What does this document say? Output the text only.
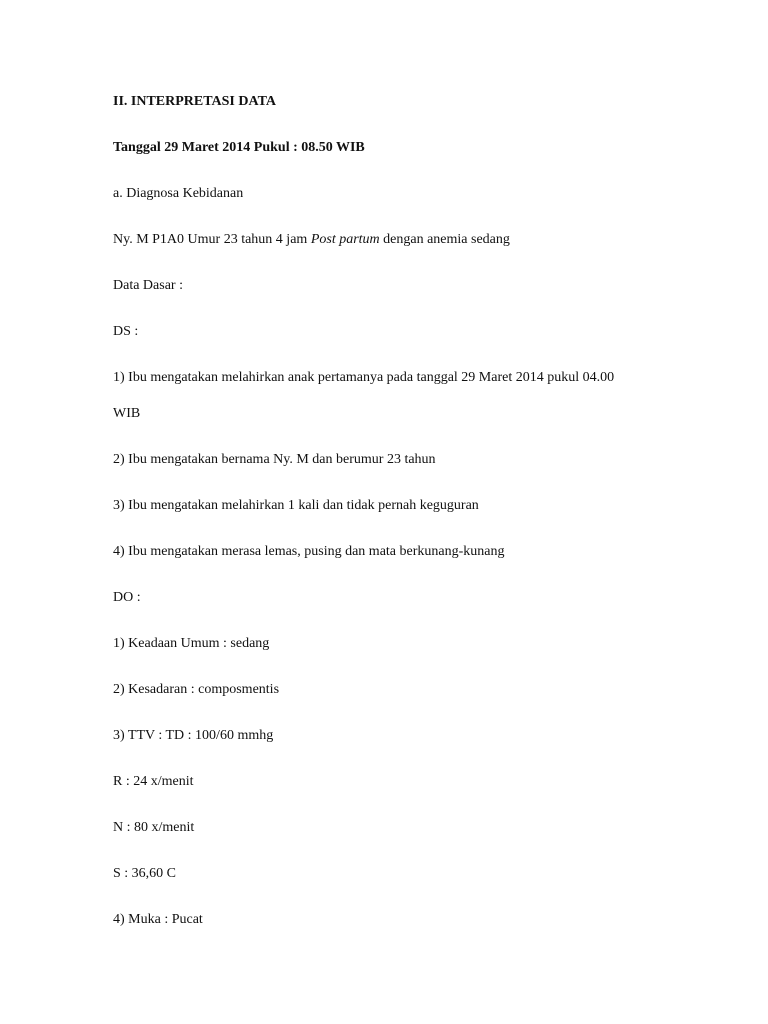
II. INTERPRETASI DATA
Tanggal 29 Maret 2014 Pukul : 08.50 WIB
a. Diagnosa Kebidanan
Ny. M P1A0 Umur 23 tahun 4 jam Post partum dengan anemia sedang
Data Dasar :
DS :
1) Ibu mengatakan melahirkan anak pertamanya pada tanggal 29 Maret 2014 pukul 04.00
WIB
2) Ibu mengatakan bernama Ny. M dan berumur 23 tahun
3) Ibu mengatakan melahirkan 1 kali dan tidak pernah keguguran
4) Ibu mengatakan merasa lemas, pusing dan mata berkunang-kunang
DO :
1) Keadaan Umum : sedang
2) Kesadaran : composmentis
3) TTV : TD : 100/60 mmhg
R : 24 x/menit
N : 80 x/menit
S : 36,60 C
4) Muka : Pucat
